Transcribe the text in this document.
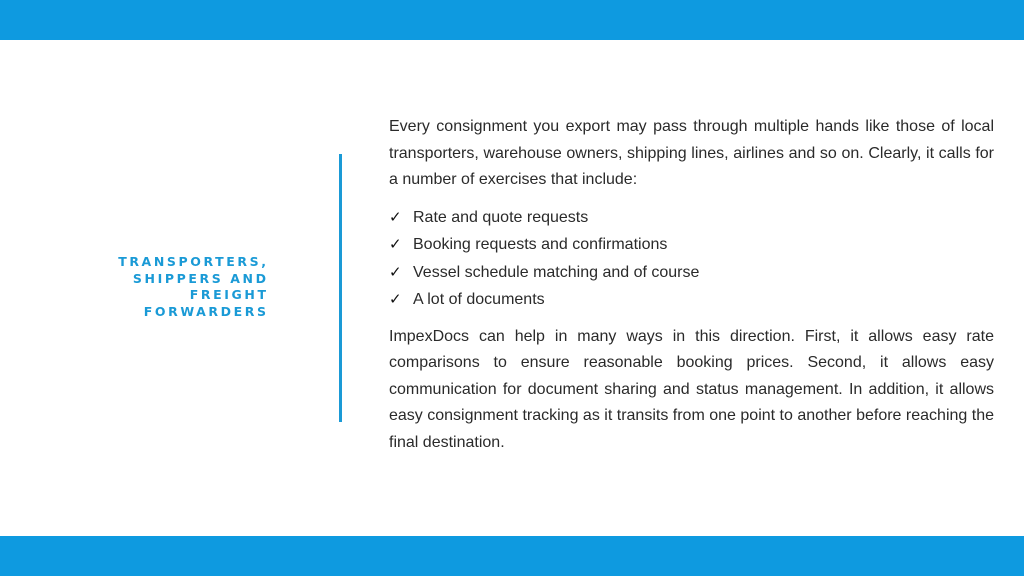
TRANSPORTERS,
SHIPPERS AND
FREIGHT
FORWARDERS

Every consignment you export may pass through multiple hands like those of local transporters, warehouse owners, shipping lines, airlines and so on. Clearly, it calls for a number of exercises that include:

✓ Rate and quote requests
✓ Booking requests and confirmations
✓ Vessel schedule matching and of course
✓ A lot of documents

ImpexDocs can help in many ways in this direction. First, it allows easy rate comparisons to ensure reasonable booking prices. Second, it allows easy communication for document sharing and status management. In addition, it allows easy consignment tracking as it transits from one point to another before reaching the final destination.
